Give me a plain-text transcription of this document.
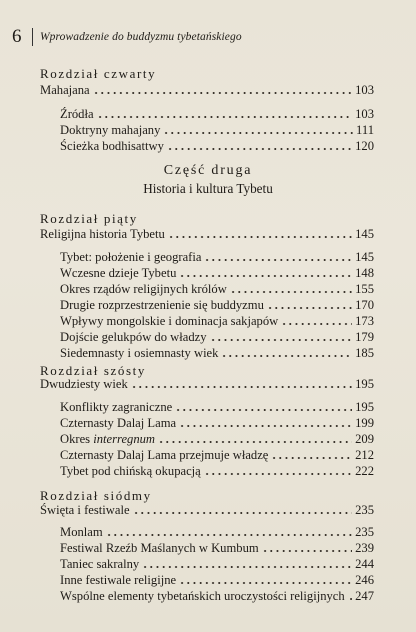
6	Wprowadzenie do buddyzmu tybetańskiego
Rozdział czwarty
Mahajana	103
Źródła	103
Doktryny mahajany	111
Ścieżka bodhisattwy	120
Część druga
Historia i kultura Tybetu
Rozdział piąty
Religijna historia Tybetu	145
Tybet: położenie i geografia	145
Wczesne dzieje Tybetu	148
Okres rządów religijnych królów	155
Drugie rozprzestrzenienie się buddyzmu	170
Wpływy mongolskie i dominacja sakjapów	173
Dojście gelukpów do władzy	179
Siedemnasty i osiemnasty wiek	185
Rozdział szósty
Dwudziesty wiek	195
Konflikty zagraniczne	195
Czternasty Dalaj Lama	199
Okres interregnum	209
Czternasty Dalaj Lama przejmuje władzę	212
Tybet pod chińską okupacją	222
Rozdział siódmy
Święta i festiwale	235
Monlam	235
Festiwal Rzeźb Maślanych w Kumbum	239
Taniec sakralny	244
Inne festiwale religijne	246
Wspólne elementy tybetańskich uroczystości religijnych 247
